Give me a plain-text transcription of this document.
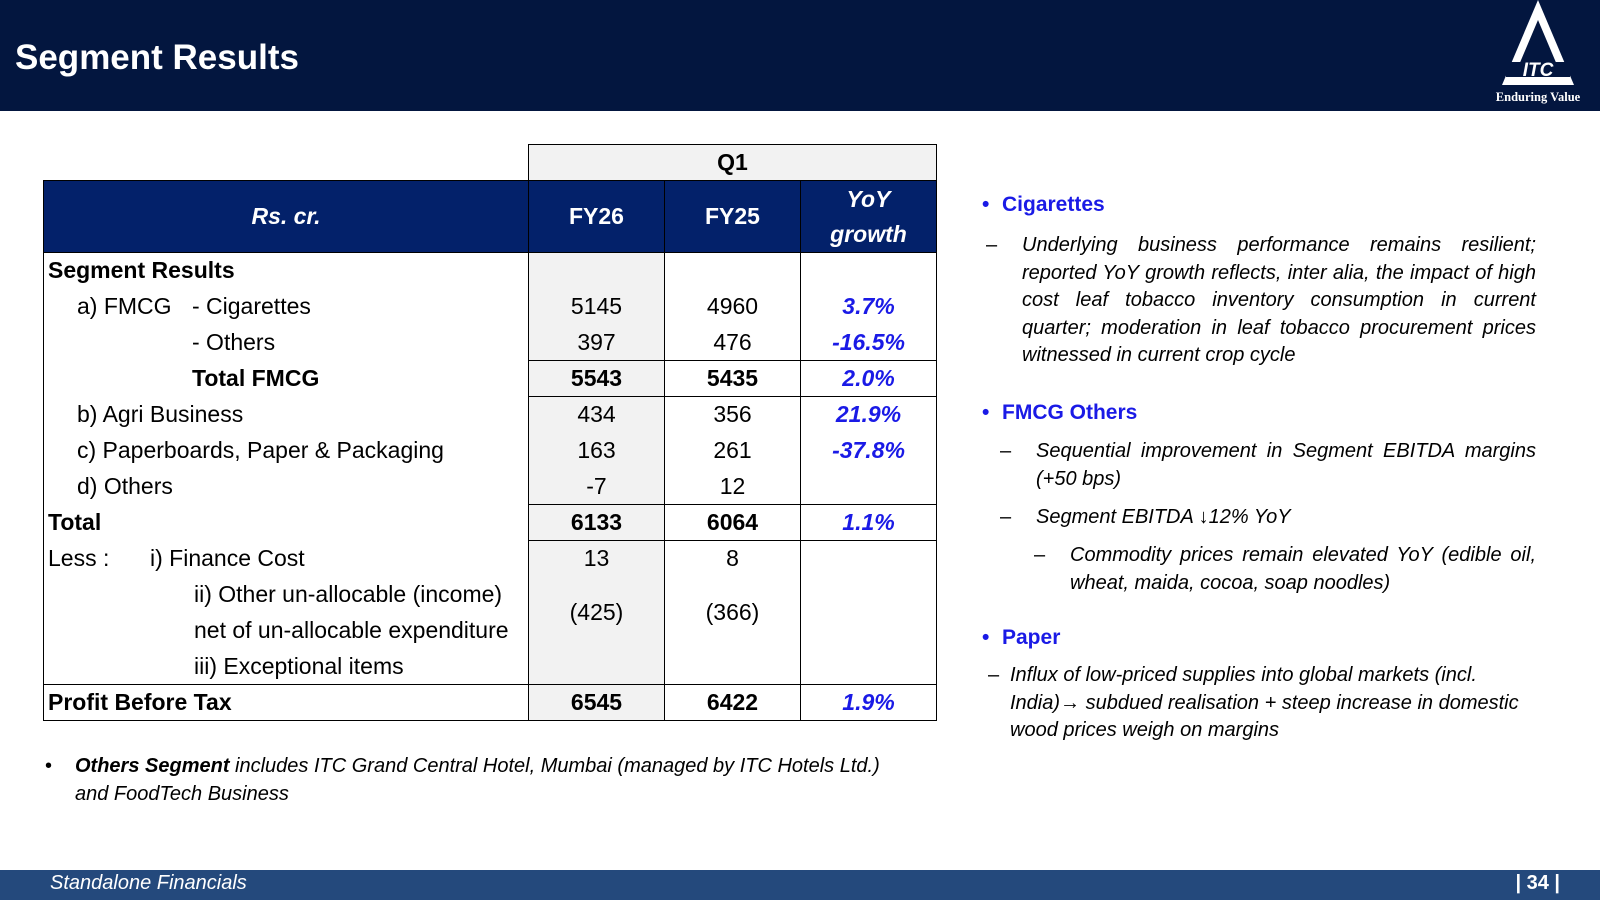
Segment Results	ITC
Enduring Value
	Q1		
Rs. cr.	FY26	FY25	YoY
growth
Segment Results			
a) FMCG - Cigarettes	5145	4960	3.7%
- Others	397	476	-16.5%
Total FMCG	5543	5435	2.0%
b) Agri Business	434	356	21.9%
c) Paperboards, Paper & Packaging	163	261	-37.8%
d) Others	-7	12	
Total	6133	6064	1.1%
Less : i) Finance Cost	13	8	
ii) Other un-allocable (income)	(425)	(366)	
net of un-allocable expenditure			
iii) Exceptional items			
Profit Before Tax	6545	6422	1.9%
•	Others Segment includes ITC Grand Central Hotel, Mumbai (managed by ITC Hotels Ltd.) and FoodTech Business
• Cigarettes
– Underlying business performance remains resilient; reported YoY growth reflects, inter alia, the impact of high cost leaf tobacco inventory consumption in current quarter; moderation in leaf tobacco procurement prices witnessed in current crop cycle
• FMCG Others
– Sequential improvement in Segment EBITDA margins (+50 bps)
– Segment EBITDA ↓12% YoY
– Commodity prices remain elevated YoY (edible oil, wheat, maida, cocoa, soap noodles)
• Paper
– Influx of low-priced supplies into global markets (incl. India)→ subdued realisation + steep increase in domestic wood prices weigh on margins
Standalone Financials	| 34 |
